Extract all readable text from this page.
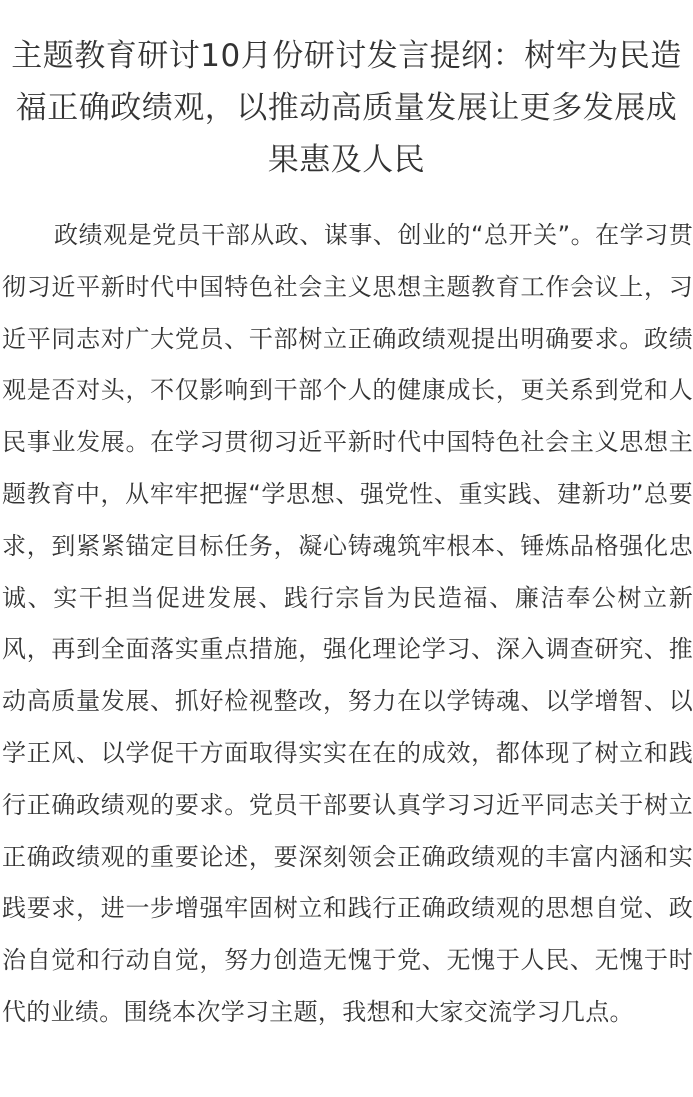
主题教育研讨10月份研讨发言提纲：树牢为民造福正确政绩观，以推动高质量发展让更多发展成果惠及人民

政绩观是党员干部从政、谋事、创业的“总开关”。在学习贯彻习近平新时代中国特色社会主义思想主题教育工作会议上，习近平同志对广大党员、干部树立正确政绩观提出明确要求。政绩观是否对头，不仅影响到干部个人的健康成长，更关系到党和人民事业发展。在学习贯彻习近平新时代中国特色社会主义思想主题教育中，从牢牢把握“学思想、强党性、重实践、建新功”总要求，到紧紧锚定目标任务，凝心铸魂筑牢根本、锤炼品格强化忠诚、实干担当促进发展、践行宗旨为民造福、廉洁奉公树立新风，再到全面落实重点措施，强化理论学习、深入调查研究、推动高质量发展、抓好检视整改，努力在以学铸魂、以学增智、以学正风、以学促干方面取得实实在在的成效，都体现了树立和践行正确政绩观的要求。党员干部要认真学习习近平同志关于树立正确政绩观的重要论述，要深刻领会正确政绩观的丰富内涵和实践要求，进一步增强牢固树立和践行正确政绩观的思想自觉、政治自觉和行动自觉，努力创造无愧于党、无愧于人民、无愧于时代的业绩。围绕本次学习主题，我想和大家交流学习几点。
